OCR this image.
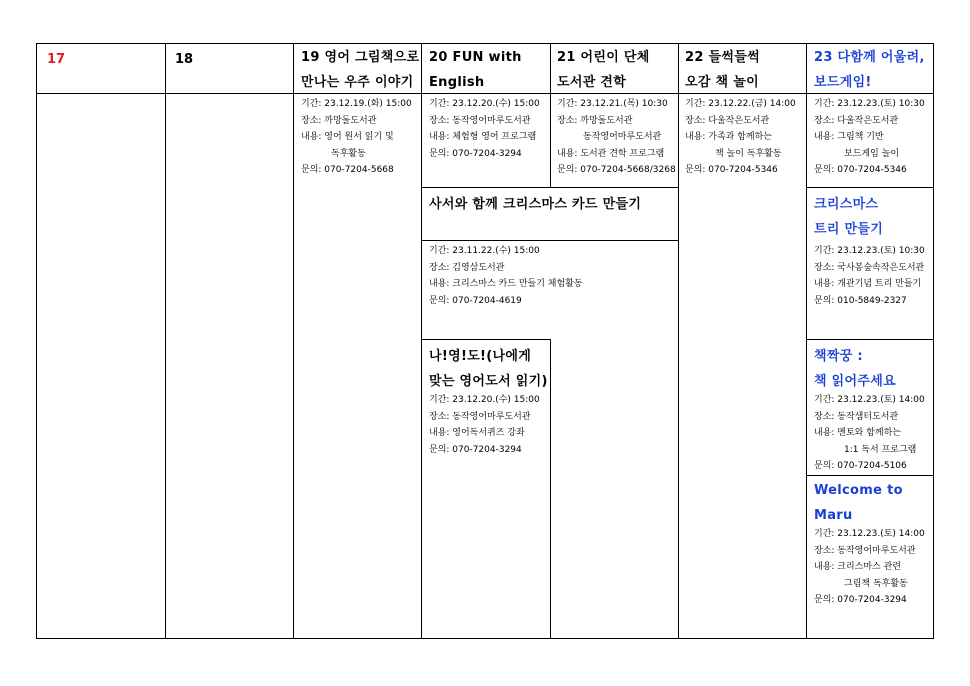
17	18	19 영어 그림책으로
만나는 우주 이야기
기간: 23.12.19.(화) 15:00
장소: 까망돌도서관
내용: 영어 원서 읽기 및
독후활동
문의: 070-7204-5668
20 FUN with
English
기간: 23.12.20.(수) 15:00
장소: 동작영어마루도서관
내용: 체험형 영어 프로그램
문의: 070-7204-3294
21 어린이 단체
도서관 견학
기간: 23.12.21.(목) 10:30
장소: 까망돌도서관
동작영어마루도서관
내용: 도서관 견학 프로그램
문의: 070-7204-5668/3268
22 들썩들썩
오감 책 놀이
기간: 23.12.22.(금) 14:00
장소: 다울작은도서관
내용: 가족과 함께하는
책 놀이 독후활동
문의: 070-7204-5346
23 다함께 어울려,
보드게임!
기간: 23.12.23.(토) 10:30
장소: 다울작은도서관
내용: 그림책 기반
보드게임 놀이
문의: 070-7204-5346
사서와 함께 크리스마스 카드 만들기
기간: 23.11.22.(수) 15:00
장소: 김영삼도서관
내용: 크리스마스 카드 만들기 체험활동
문의: 070-7204-4619
크리스마스
트리 만들기
기간: 23.12.23.(토) 10:30
장소: 국사봉숲속작은도서관
내용: 개관기념 트리 만들기
문의: 010-5849-2327
나!영!도!(나에게
맞는 영어도서 읽기)
기간: 23.12.20.(수) 15:00
장소: 동작영어마루도서관
내용: 영어독서퀴즈 강좌
문의: 070-7204-3294
책짝꿍 :
책 읽어주세요
기간: 23.12.23.(토) 14:00
장소: 동작샘터도서관
내용: 멘토와 함께하는
1:1 독서 프로그램
문의: 070-7204-5106
Welcome to
Maru
기간: 23.12.23.(토) 14:00
장소: 동작영어마루도서관
내용: 크리스마스 관련
그림책 독후활동
문의: 070-7204-3294
